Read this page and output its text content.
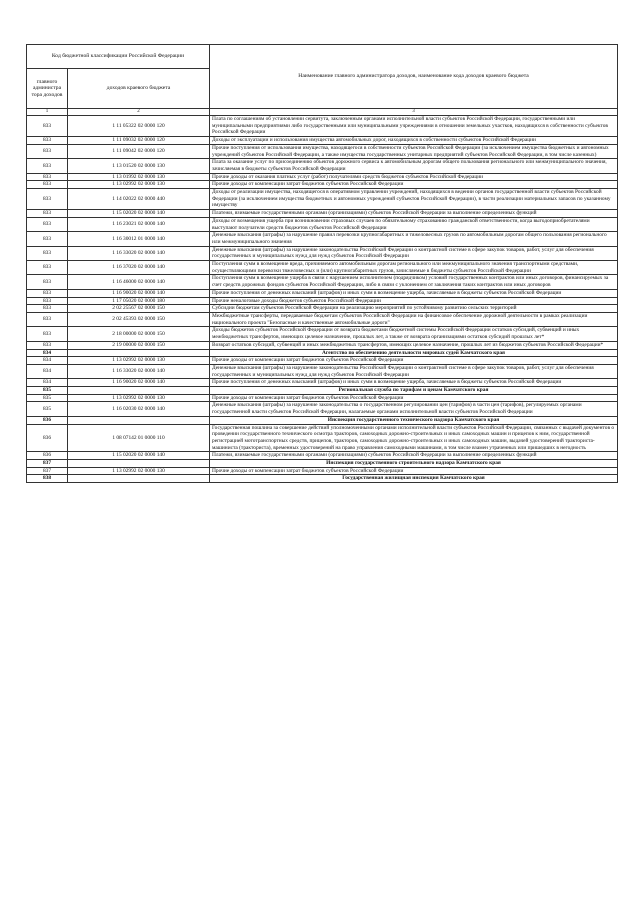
Код бюджетной классификации Российской Федерации		Наименование главного администратора доходов, наименование кода доходов краевого бюджета
главного администра тора доходов	доходов краевого бюджета	
1	2	3
833	1 11 05322 02 0000 120	Плата по соглашениям об установлении сервитута, заключенным органами исполнительной власти субъектов Российской Федерации, государственными или муниципальными предприятиями либо государственными или муниципальными учреждениями в отношении земельных участков, находящихся в собственности субъектов Российской Федерации
833	1 11 09032 02 0000 120	Доходы от эксплуатации и использования имущества автомобильных дорог, находящихся в собственности субъектов Российской Федерации
833	1 11 09042 02 0000 120	Прочие поступления от использования имущества, находящегося в собственности субъектов Российской Федерации (за исключением имущества бюджетных и автономных учреждений субъектов Российской Федерации, а также имущества государственных унитарных предприятий субъектов Российской Федерации, в том числе казенных)
833	1 13 01520 02 0000 130	Плата за оказание услуг по присоединению объектов дорожного сервиса к автомобильным дорогам общего пользования регионального или межмуниципального значения, зачисляемая в бюджеты субъектов Российской Федерации
833	1 13 01992 02 0000 130	Прочие доходы от оказания платных услуг (работ) получателями средств бюджетов субъектов Российской Федерации
833	1 13 02992 02 0000 130	Прочие доходы от компенсации затрат бюджетов субъектов Российской Федерации
833	1 14 02022 02 0000 440	Доходы от реализации имущества, находящегося в оперативном управлении учреждений, находящихся в ведении органов государственной власти субъектов Российской Федерации (за исключением имущества бюджетных и автономных учреждений субъектов Российской Федерации), в части реализации материальных запасов по указанному имуществу
833	1 15 02020 02 0000 140	Платежи, взимаемые государственными органами (организациями) субъектов Российской Федерации за выполнение определенных функций
833	1 16 23021 02 0000 140	Доходы от возмещения ущерба при возникновении страховых случаев по обязательному страхованию гражданской ответственности, когда выгодоприобретателями выступают получатели средств бюджетов субъектов Российской Федерации
833	1 16 30012 01 0000 140	Денежные взыскания (штрафы) за нарушение правил перевозки крупногабаритных и тяжеловесных грузов по автомобильным дорогам общего пользования регионального или межмуниципального значения
833	1 16 33020 02 0000 140	Денежные взыскания (штрафы) за нарушение законодательства Российской Федерации о контрактной системе в сфере закупок товаров, работ, услуг для обеспечения государственных и муниципальных нужд для нужд субъектов Российской Федерации
833	1 16 37020 02 0000 140	Поступления сумм в возмещение вреда, причиняемого автомобильным дорогам регионального или межмуниципального значения транспортными средствами, осуществляющими перевозки тяжеловесных и (или) крупногабаритных грузов, зачисляемые в бюджеты субъектов Российской Федерации
833	1 16 46000 02 0000 140	Поступления сумм в возмещение ущерба в связи с нарушением исполнителем (подрядчиком) условий государственных контрактов или иных договоров, финансируемых за счет средств дорожных фондов субъектов Российской Федерации, либо в связи с уклонением от заключения таких контрактов или иных договоров
833	1 16 90020 02 0000 140	Прочие поступления от денежных взысканий (штрафов) и иных сумм в возмещение ущерба, зачисляемые в бюджеты субъектов Российской Федерации
833	1 17 05020 02 0000 180	Прочие неналоговые доходы бюджетов субъектов Российской Федерации
833	2 02 25567 02 0000 150	Субсидии бюджетам субъектов Российской Федерации на реализацию мероприятий по устойчивому развитию сельских территорий
833	2 02 45393 02 0000 150	Межбюджетные трансферты, передаваемые бюджетам субъектов Российской Федерации на финансовое обеспечение дорожной деятельности в рамках реализации национального проекта "Безопасные и качественные автомобильные дороги"
833	2 18 00000 02 0000 150	Доходы бюджетов субъектов Российской Федерации от возврата бюджетами бюджетной системы Российской Федерации остатков субсидий, субвенций и иных межбюджетных трансфертов, имеющих целевое назначение, прошлых лет, а также от возврата организациями остатков субсидий прошлых лет*
833	2 19 00000 02 0000 150	Возврат остатков субсидий, субвенций и иных межбюджетных трансфертов, имеющих целевое назначение, прошлых лет из бюджетов субъектов Российской Федерации*
834		Агентство по обеспечению деятельности мировых судей Камчатского края
834	1 13 02992 02 0000 130	Прочие доходы от компенсации затрат бюджетов субъектов Российской Федерации
834	1 16 33020 02 0000 140	Денежные взыскания (штрафы) за нарушение законодательства Российской Федерации о контрактной системе в сфере закупок товаров, работ, услуг для обеспечения государственных и муниципальных нужд для нужд субъектов Российской Федерации
834	1 16 90020 02 0000 140	Прочие поступления от денежных взысканий (штрафов) и иных сумм в возмещение ущерба, зачисляемые в бюджеты субъектов Российской Федерации
835		Региональная служба по тарифам и ценам Камчатского края
835	1 13 02992 02 0000 130	Прочие доходы от компенсации затрат бюджетов субъектов Российской Федерации
835	1 16 02030 02 0000 140	Денежные взыскания (штрафы) за нарушение законодательства о государственном регулировании цен (тарифов) в части цен (тарифов), регулируемых органами государственной власти субъектов Российской Федерации, налагаемые органами исполнительной власти субъектов Российской Федерации
836		Инспекция государственного технического надзора Камчатского края
836	1 08 07142 01 0000 110	Государственная пошлина за совершение действий уполномоченными органами исполнительной власти субъектов Российской Федерации, связанных с выдачей документов о проведении государственного технического осмотра тракторов, самоходных дорожно-строительных и иных самоходных машин и прицепов к ним, государственной регистрацией мототранспортных средств, прицепов, тракторов, самоходных дорожно-строительных и иных самоходных машин, выдачей удостоверений тракториста-машиниста (тракториста), временных удостоверений на право управления самоходными машинами, в том числе взамен утраченных или пришедших в негодность
836	1 15 02020 02 0000 140	Платежи, взимаемые государственными органами (организациями) субъектов Российской Федерации за выполнение определенных функций
837		Инспекция государственного строительного надзора Камчатского края
837	1 13 02992 02 0000 130	Прочие доходы от компенсации затрат бюджетов субъектов Российской Федерации
838		Государственная жилищная инспекция Камчатского края
